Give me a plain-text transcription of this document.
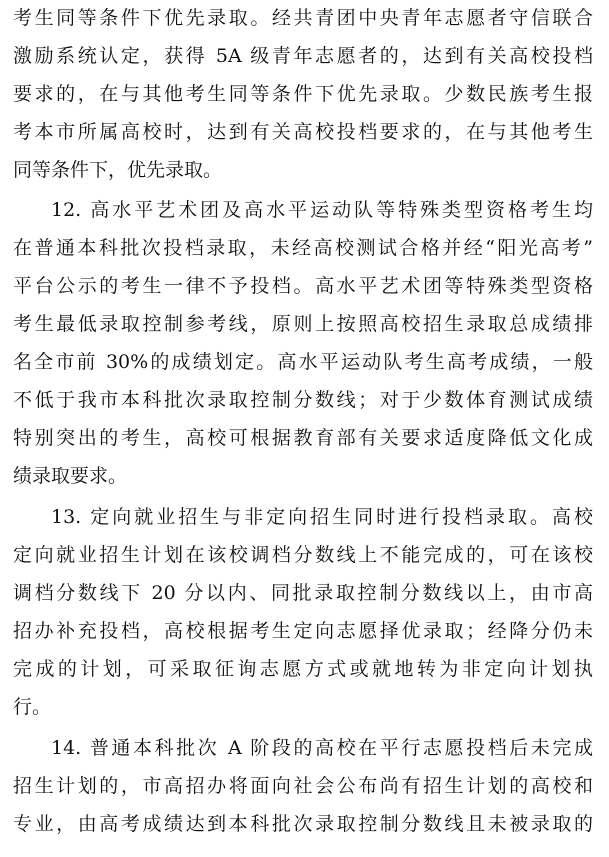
考生同等条件下优先录取。经共青团中央青年志愿者守信联合
激励系统认定，获得 5A 级青年志愿者的，达到有关高校投档
要求的，在与其他考生同等条件下优先录取。少数民族考生报
考本市所属高校时，达到有关高校投档要求的，在与其他考生
同等条件下，优先录取。
12. 高水平艺术团及高水平运动队等特殊类型资格考生均
在普通本科批次投档录取，未经高校测试合格并经“阳光高考”
平台公示的考生一律不予投档。高水平艺术团等特殊类型资格
考生最低录取控制参考线，原则上按照高校招生录取总成绩排
名全市前 30%的成绩划定。高水平运动队考生高考成绩，一般
不低于我市本科批次录取控制分数线；对于少数体育测试成绩
特别突出的考生，高校可根据教育部有关要求适度降低文化成
绩录取要求。
13. 定向就业招生与非定向招生同时进行投档录取。高校
定向就业招生计划在该校调档分数线上不能完成的，可在该校
调档分数线下 20 分以内、同批录取控制分数线以上，由市高
招办补充投档，高校根据考生定向志愿择优录取；经降分仍未
完成的计划，可采取征询志愿方式或就地转为非定向计划执
行。
14. 普通本科批次 A 阶段的高校在平行志愿投档后未完成
招生计划的，市高招办将面向社会公布尚有招生计划的高校和
专业，由高考成绩达到本科批次录取控制分数线且未被录取的
